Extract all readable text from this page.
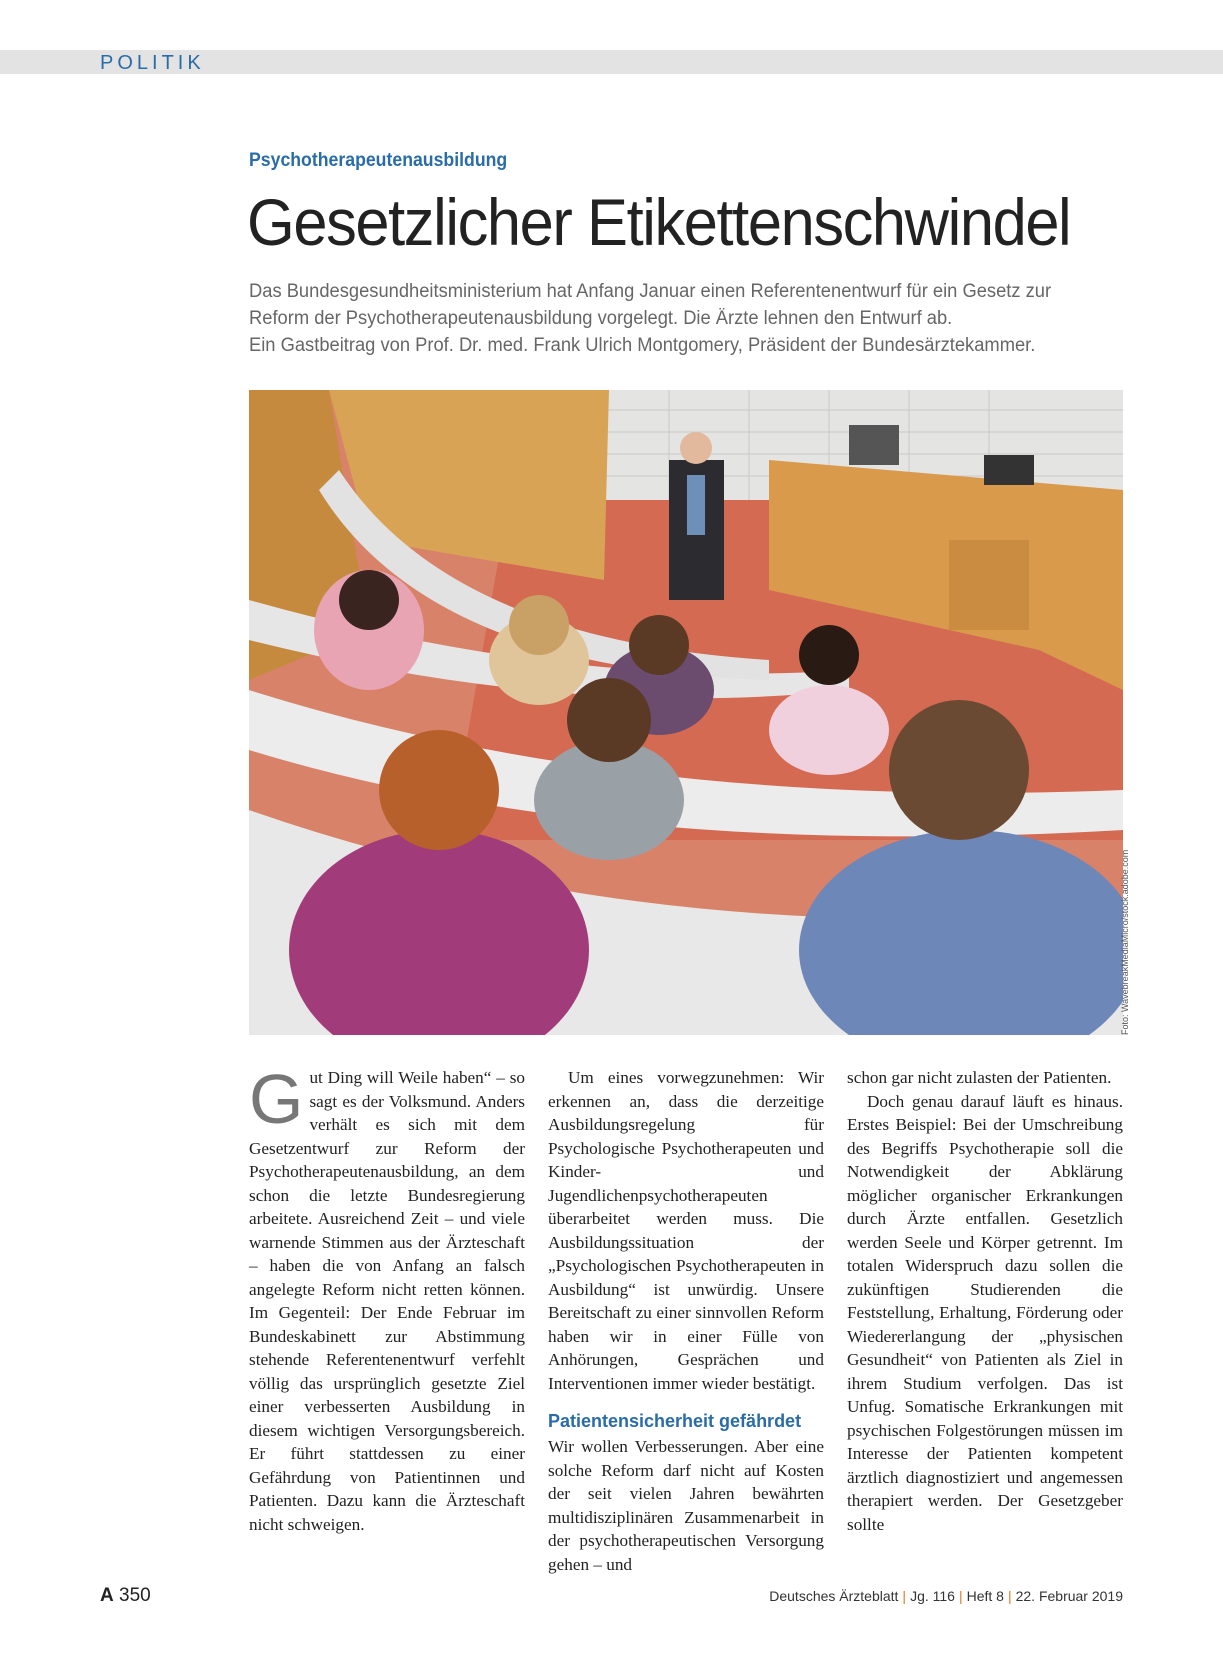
POLITIK
Psychotherapeutenausbildung
Gesetzlicher Etikettenschwindel
Das Bundesgesundheitsministerium hat Anfang Januar einen Referentenentwurf für ein Gesetz zur
Reform der Psychotherapeutenausbildung vorgelegt. Die Ärzte lehnen den Entwurf ab.
Ein Gastbeitrag von Prof. Dr. med. Frank Ulrich Montgomery, Präsident der Bundesärztekammer.
Foto: WavebreakMediaMicro/stock.adobe.com

Gut Ding will Weile haben“ – so sagt es der Volksmund. Anders verhält es sich mit dem Gesetzentwurf zur Reform der Psychotherapeutenausbildung, an dem schon die letzte Bundesregierung arbeitete. Ausreichend Zeit – und viele warnende Stimmen aus der Ärzteschaft – haben die von Anfang an falsch angelegte Reform nicht retten können. Im Gegenteil: Der Ende Februar im Bundeskabinett zur Abstimmung stehende Referentenentwurf verfehlt völlig das ursprünglich gesetzte Ziel einer verbesserten Ausbildung in diesem wichtigen Versorgungsbereich. Er führt stattdessen zu einer Gefährdung von Patientinnen und Patienten. Dazu kann die Ärzteschaft nicht schweigen.

Um eines vorwegzunehmen: Wir erkennen an, dass die derzeitige Ausbildungsregelung für Psychologische Psychotherapeuten und Kinder- und Jugendlichenpsychotherapeuten überarbeitet werden muss. Die Ausbildungssituation der „Psychologischen Psychotherapeuten in Ausbildung“ ist unwürdig. Unsere Bereitschaft zu einer sinnvollen Reform haben wir in einer Fülle von Anhörungen, Gesprächen und Interventionen immer wieder bestätigt.

Patientensicherheit gefährdet

Wir wollen Verbesserungen. Aber eine solche Reform darf nicht auf Kosten der seit vielen Jahren bewährten multidisziplinären Zusammenarbeit in der psychotherapeutischen Versorgung gehen – und

schon gar nicht zulasten der Patienten.

Doch genau darauf läuft es hinaus. Erstes Beispiel: Bei der Umschreibung des Begriffs Psychotherapie soll die Notwendigkeit der Abklärung möglicher organischer Erkrankungen durch Ärzte entfallen. Gesetzlich werden Seele und Körper getrennt. Im totalen Widerspruch dazu sollen die zukünftigen Studierenden die Feststellung, Erhaltung, Förderung oder Wiedererlangung der „physischen Gesundheit“ von Patienten als Ziel in ihrem Studium verfolgen. Das ist Unfug. Somatische Erkrankungen mit psychischen Folgestörungen müssen im Interesse der Patienten kompetent ärztlich diagnostiziert und angemessen therapiert werden. Der Gesetzgeber sollte

A 350	Deutsches Ärzteblatt | Jg. 116 | Heft 8 | 22. Februar 2019
